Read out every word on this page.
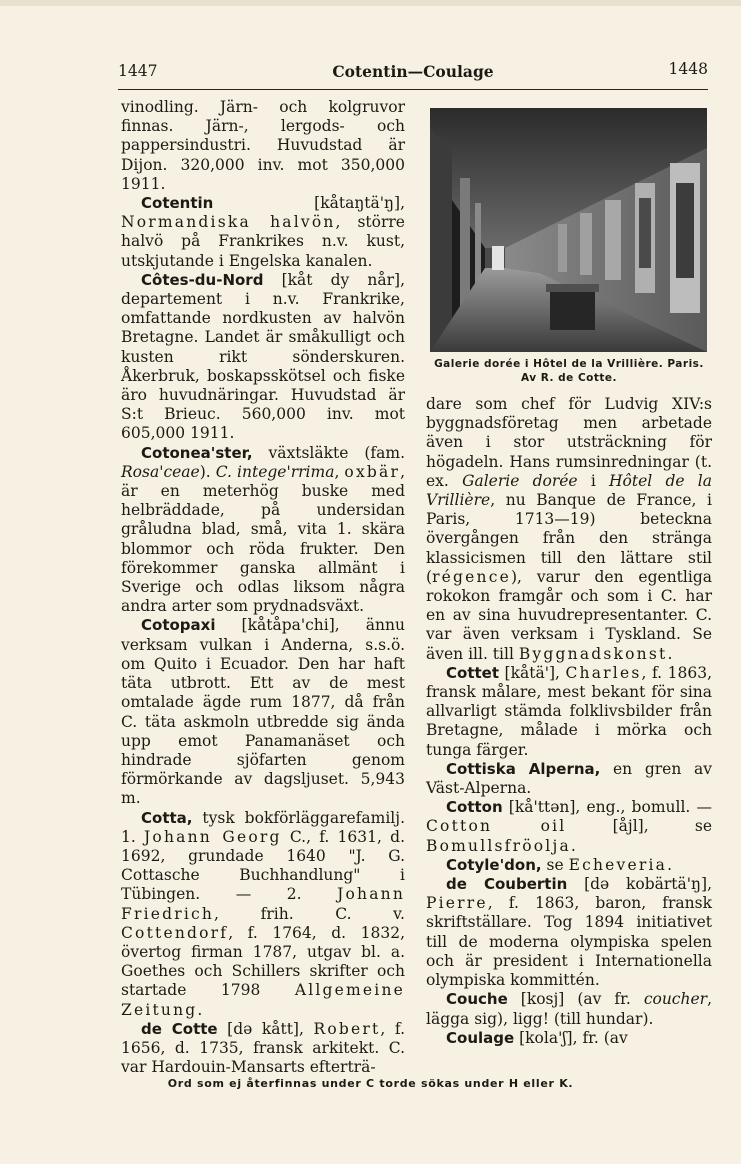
1447	Cotentin—Coulage	1448

vinodling. Järn- och kolgruvor finnas. Järn-, lergods- och pappersindustri. Huvudstad är Dijon. 320,000 inv. mot 350,000 1911.

Cotentin [kåtaŋtä'ŋ], Normandiska halvön, större halvö på Frankrikes n.v. kust, utskjutande i Engelska kanalen.

Côtes-du-Nord [kåt dy når], departement i n.v. Frankrike, omfattande nordkusten av halvön Bretagne. Landet är småkulligt och kusten rikt sönderskuren. Åkerbruk, boskapsskötsel och fiske äro huvudnäringar. Huvudstad är S:t Brieuc. 560,000 inv. mot 605,000 1911.

Cotonea'ster, växtsläkte (fam. Rosa'ceae). C. intege'rrima, oxbär, är en meterhög buske med helbräddade, på undersidan gråludna blad, små, vita 1. skära blommor och röda frukter. Den förekommer ganska allmänt i Sverige och odlas liksom några andra arter som prydnadsväxt.

Cotopaxi [kåtåpa'chi], ännu verksam vulkan i Anderna, s.s.ö. om Quito i Ecuador. Den har haft täta utbrott. Ett av de mest omtalade ägde rum 1877, då från C. täta askmoln utbredde sig ända upp emot Panamanäset och hindrade sjöfarten genom förmörkande av dagsljuset. 5,943 m.

Cotta, tysk bokförläggarefamilj. 1. Johann Georg C., f. 1631, d. 1692, grundade 1640 "J. G. Cottasche Buchhandlung" i Tübingen. — 2. Johann Friedrich, frih. C. v. Cottendorf, f. 1764, d. 1832, övertog firman 1787, utgav bl. a. Goethes och Schillers skrifter och startade 1798 Allgemeine Zeitung.

de Cotte [də kått], Robert, f. 1656, d. 1735, fransk arkitekt. C. var Hardouin-Mansarts efterträ-

Galerie dorée i Hôtel de la Vrillière. Paris. Av R. de Cotte.

dare som chef för Ludvig XIV:s byggnadsföretag men arbetade även i stor utsträckning för högadeln. Hans rumsinredningar (t. ex. Galerie dorée i Hôtel de la Vrillière, nu Banque de France, i Paris, 1713—19) beteckna övergången från den stränga klassicismen till den lättare stil (régence), varur den egentliga rokokon framgår och som i C. har en av sina huvudrepresentanter. C. var även verksam i Tyskland. Se även ill. till Byggnadskonst.

Cottet [kåtä'], Charles, f. 1863, fransk målare, mest bekant för sina allvarligt stämda folklivsbilder från Bretagne, målade i mörka och tunga färger.

Cottiska Alperna, en gren av Väst-Alperna.

Cotton [kå'ttən], eng., bomull. — Cotton oil [åjl], se Bomullsfröolja.

Cotyle'don, se Echeveria.

de Coubertin [də kobärtä'ŋ], Pierre, f. 1863, baron, fransk skriftställare. Tog 1894 initiativet till de moderna olympiska spelen och är president i Internationella olympiska kommittén.

Couche [kosj] (av fr. coucher, lägga sig), ligg! (till hundar).

Coulage [kola'ʃ], fr. (av

Ord som ej återfinnas under C torde sökas under H eller K.
